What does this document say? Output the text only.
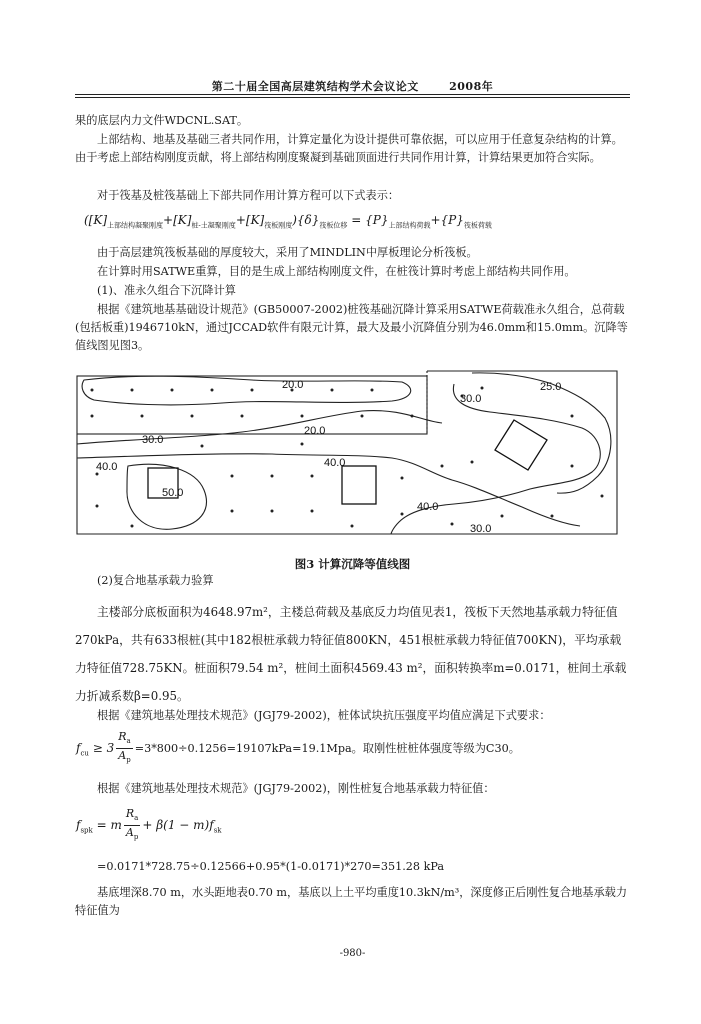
第二十届全国高层建筑结构学术会议论文	2008年

果的底层内力文件WDCNL.SAT。

上部结构、地基及基础三者共同作用，计算定量化为设计提供可靠依据，可以应用于任意复杂结构的计算。由于考虑上部结构刚度贡献，将上部结构刚度聚凝到基础顶面进行共同作用计算，计算结果更加符合实际。

对于筏基及桩筏基础上下部共同作用计算方程可以下式表示：

$([K]_{上部结构凝聚刚度}+[K]_{桩-土凝聚刚度}+[K]_{筏板刚度})\{\delta\}_{筏板位移} = \{P\}_{上部结构荷载}+\{P\}_{筏板荷载}$

由于高层建筑筏板基础的厚度较大，采用了MINDLIN中厚板理论分析筏板。

在计算时用SATWE重算，目的是生成上部结构刚度文件，在桩筏计算时考虑上部结构共同作用。

(1)、准永久组合下沉降计算

根据《建筑地基基础设计规范》(GB50007-2002)桩筏基础沉降计算采用SATWE荷载准永久组合，总荷载(包括板重)1946710kN，通过JCCAD软件有限元计算，最大及最小沉降值分别为46.0mm和15.0mm。沉降等值线图见图3。

20.0
20.0
25.0
30.0
30.0
40.0	40.0
50.0
40.0
30.0
图3 计算沉降等值线图

(2)复合地基承载力验算

主楼部分底板面积为4648.97m²，主楼总荷载及基底反力均值见表1，筏板下天然地基承载力特征值270kPa，共有633根桩(其中182根桩承载力特征值800KN，451根桩承载力特征值700KN)，平均承载力特征值728.75KN。桩面积79.54 m²，桩间土面积4569.43 m²，面积转换率m=0.0171，桩间土承载力折减系数β=0.95。

根据《建筑地基处理技术规范》(JGJ79-2002)，桩体试块抗压强度平均值应满足下式要求：

$f_{cu} \ge 3 \frac{R_a}{A_p} =3*800\div 0.1256=19107kPa=19.1Mpa$。取刚性桩桩体强度等级为C30。

根据《建筑地基处理技术规范》(JGJ79-2002)，刚性桩复合地基承载力特征值：

$f_{spk} = m \frac{R_a}{A_p} + \beta(1 - m)f_{sk}$

=0.0171*728.75÷0.12566+0.95*(1-0.0171)*270=351.28 kPa

基底埋深8.70 m，水头距地表0.70 m，基底以上土平均重度10.3kN/m³，深度修正后刚性复合地基承载力特征值为

-980-
